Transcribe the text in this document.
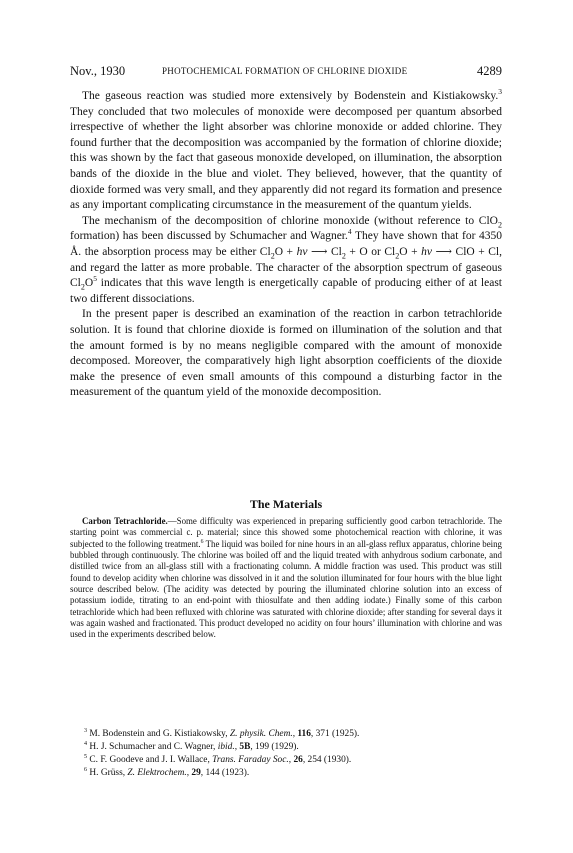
Nov., 1930	PHOTOCHEMICAL FORMATION OF CHLORINE DIOXIDE	4289

The gaseous reaction was studied more extensively by Bodenstein and Kistiakowsky.$^3$ They concluded that two molecules of monoxide were decomposed per quantum absorbed irrespective of whether the light absorber was chlorine monoxide or added chlorine. They found further that the decomposition was accompanied by the formation of chlorine dioxide; this was shown by the fact that gaseous monoxide developed, on illumination, the absorption bands of the dioxide in the blue and violet. They believed, however, that the quantity of dioxide formed was very small, and they apparently did not regard its formation and presence as any important complicating circumstance in the measurement of the quantum yields.

The mechanism of the decomposition of chlorine monoxide (without reference to ClO$_2$ formation) has been discussed by Schumacher and Wagner.$^4$ They have shown that for 4350 Å. the absorption process may be either $Cl_2O + h\nu$ ⟶ $Cl_2 + O$ or $Cl_2O + h\nu$ ⟶ ClO + Cl, and regard the latter as more probable. The character of the absorption spectrum of gaseous $Cl_2O^5$ indicates that this wave length is energetically capable of producing either of at least two different dissociations.

In the present paper is described an examination of the reaction in carbon tetrachloride solution. It is found that chlorine dioxide is formed on illumination of the solution and that the amount formed is by no means negligible compared with the amount of monoxide decomposed. Moreover, the comparatively high light absorption coefficients of the dioxide make the presence of even small amounts of this compound a disturbing factor in the measurement of the quantum yield of the monoxide decomposition.

The Materials

Carbon Tetrachloride.—Some difficulty was experienced in preparing sufficiently good carbon tetrachloride. The starting point was commercial c. p. material; since this showed some photochemical reaction with chlorine, it was subjected to the following treatment.$^6$ The liquid was boiled for nine hours in an all-glass reflux apparatus, chlorine being bubbled through continuously. The chlorine was boiled off and the liquid treated with anhydrous sodium carbonate, and distilled twice from an all-glass still with a fractionating column. A middle fraction was used. This product was still found to develop acidity when chlorine was dissolved in it and the solution illuminated for four hours with the blue light source described below. (The acidity was detected by pouring the illuminated chlorine solution into an excess of potassium iodide, titrating to an end-point with thiosulfate and then adding iodate.) Finally some of this carbon tetrachloride which had been refluxed with chlorine was saturated with chlorine dioxide; after standing for several days it was again washed and fractionated. This product developed no acidity on four hours’ illumination with chlorine and was used in the experiments described below.

$^3$ M. Bodenstein and G. Kistiakowsky, Z. physik. Chem., 116, 371 (1925).
$^4$ H. J. Schumacher and C. Wagner, ibid., 5B, 199 (1929).
$^5$ C. F. Goodeve and J. I. Wallace, Trans. Faraday Soc., 26, 254 (1930).
$^6$ H. Grüss, Z. Elektrochem., 29, 144 (1923).
